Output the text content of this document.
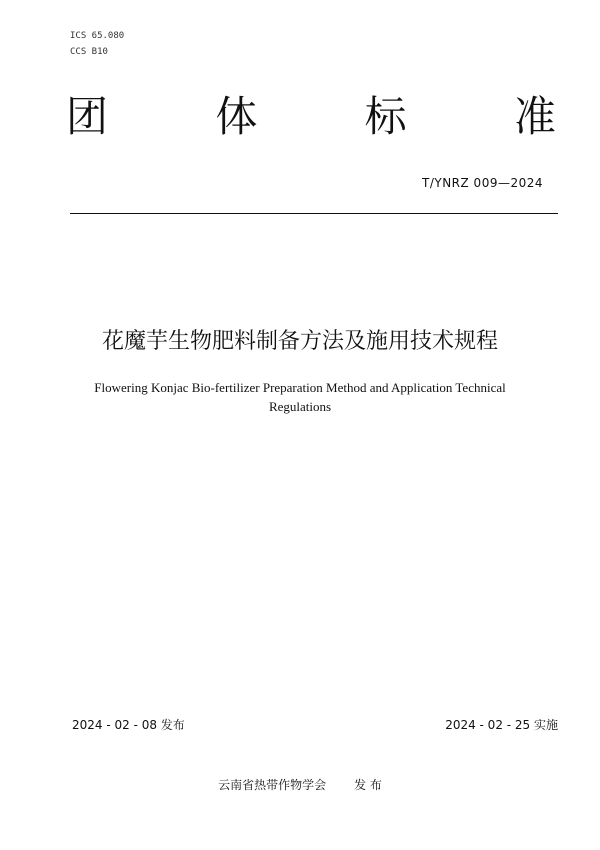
ICS 65.080
CCS B10
团	体	标	准
T/YNRZ 009—2024
花魔芋生物肥料制备方法及施用技术规程
Flowering Konjac Bio-fertilizer Preparation Method and Application Technical
Regulations
2024 - 02 - 08 发布	2024 - 02 - 25 实施
云南省热带作物学会 发 布
